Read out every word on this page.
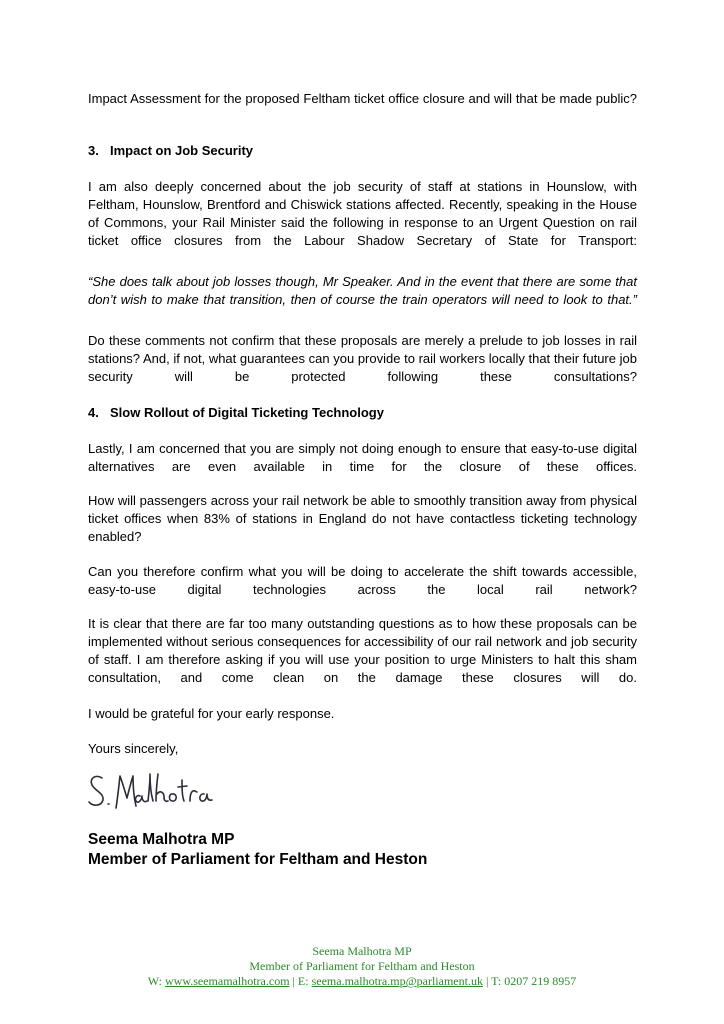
Impact Assessment for the proposed Feltham ticket office closure and will that be made public?

3. Impact on Job Security

I am also deeply concerned about the job security of staff at stations in Hounslow, with Feltham, Hounslow, Brentford and Chiswick stations affected. Recently, speaking in the House of Commons, your Rail Minister said the following in response to an Urgent Question on rail ticket office closures from the Labour Shadow Secretary of State for Transport:

“She does talk about job losses though, Mr Speaker. And in the event that there are some that don’t wish to make that transition, then of course the train operators will need to look to that.”

Do these comments not confirm that these proposals are merely a prelude to job losses in rail stations? And, if not, what guarantees can you provide to rail workers locally that their future job security will be protected following these consultations?

4. Slow Rollout of Digital Ticketing Technology

Lastly, I am concerned that you are simply not doing enough to ensure that easy-to-use digital alternatives are even available in time for the closure of these offices.

How will passengers across your rail network be able to smoothly transition away from physical ticket offices when 83% of stations in England do not have contactless ticketing technology enabled?

Can you therefore confirm what you will be doing to accelerate the shift towards accessible, easy-to-use digital technologies across the local rail network?

It is clear that there are far too many outstanding questions as to how these proposals can be implemented without serious consequences for accessibility of our rail network and job security of staff. I am therefore asking if you will use your position to urge Ministers to halt this sham consultation, and come clean on the damage these closures will do.

I would be grateful for your early response.

Yours sincerely,

Seema Malhotra MP

Member of Parliament for Feltham and Heston

Seema Malhotra MP

Member of Parliament for Feltham and Heston

W: www.seemamalhotra.com | E: seema.malhotra.mp@parliament.uk | T: 0207 219 8957
